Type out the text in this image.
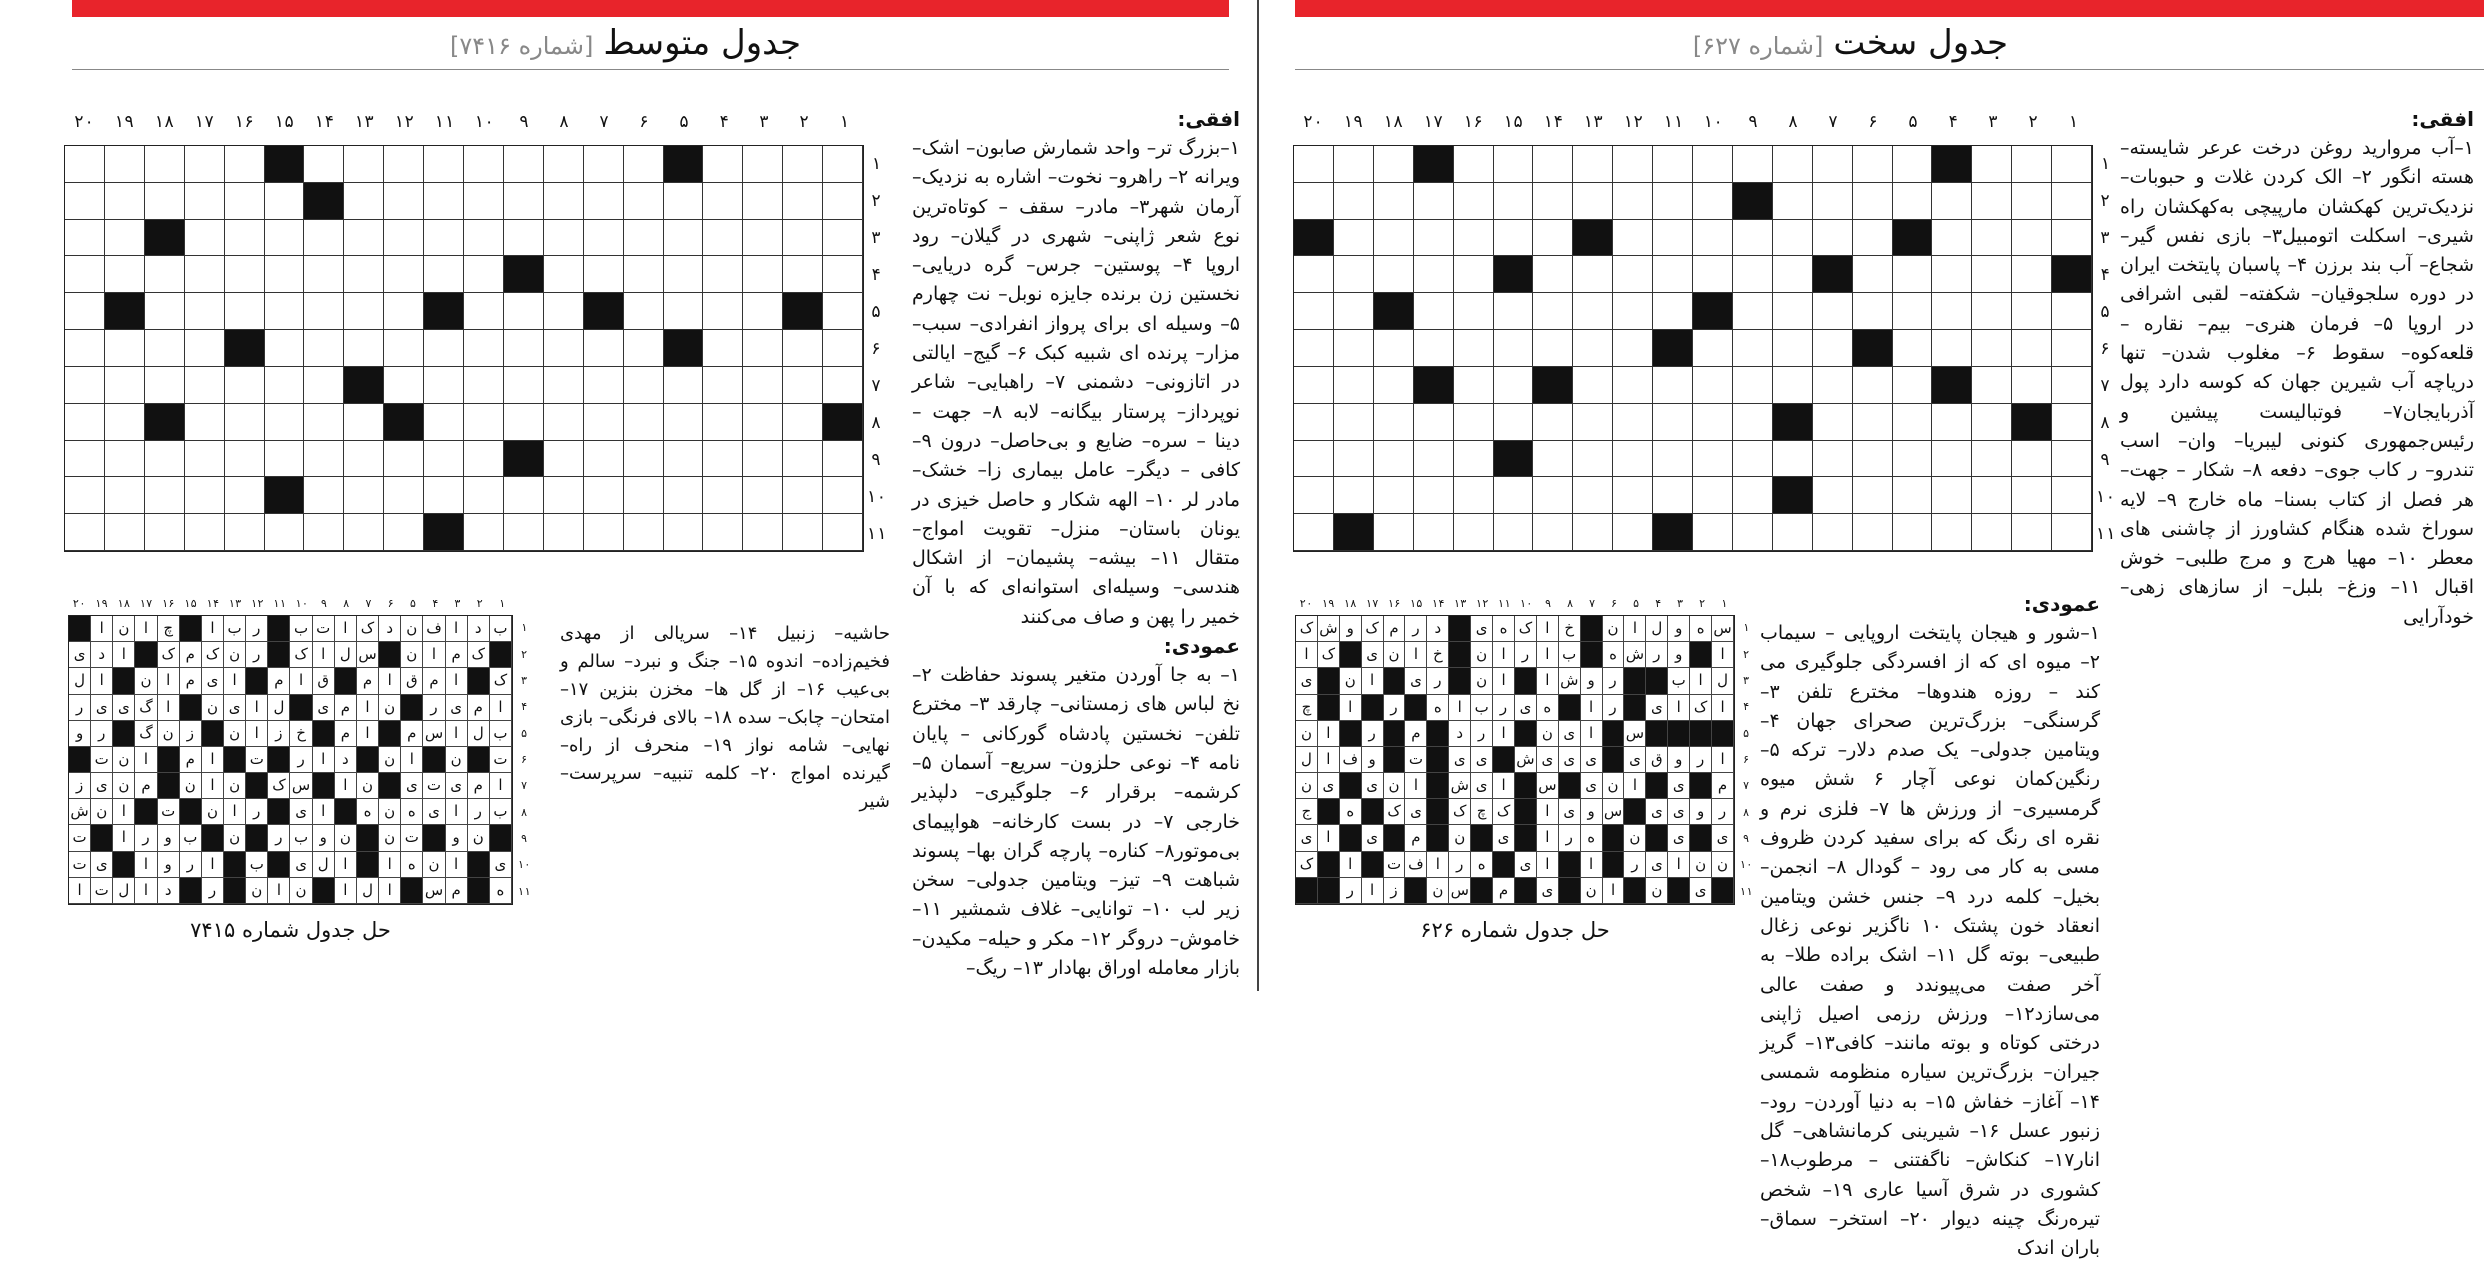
جدول سخت[شماره ۶۲۷]
جدول متوسط[شماره ۷۴۱۶]
۱
۲
۳
۴
۵
۶
۷
۸
۹
۱۰
۱۱
۱۲
۱۳
۱۴
۱۵
۱۶
۱۷
۱۸
۱۹
۲۰
۱
۲
۳
۴
۵
۶
۷
۸
۹
۱۰
۱۱
افقی:

۱–آب مروارید روغن درخت عرعر شایسته– هسته انگور ۲– الک کردن غلات و حبوبات– نزدیک‌ترین کهکشان مارپیچی به‌کهکشان راه شیری– اسکلت اتومبیل۳– بازی نفس گیر– شجاع– آب بند برزن ۴– پاسبان پایتخت ایران در دوره سلجوقیان– شکفته– لقبی اشرافی در اروپا ۵– فرمان هنری– بیم– نقاره – قلعه‌کوه– سقوط ۶– مغلوب شدن– تنها دریاچه آب شیرین جهان که کوسه دارد پول آذربایجان۷– فوتبالیست پیشین و رئیس‌جمهوری کنونی لیبریا– وان– اسب تندرو– ر کاب جوی– دفعه ۸– شکار – جهت– هر فصل از کتاب بسنا– ماه خارج ۹– لایه سوراخ شده هنگام کشاورز از چاشنی های معطر ۱۰– مهیا هرج و مرج طلبی– خوش اقبال ۱۱– وزغ– بلبل– از سازهای زهی– خودآرایی

عمودی:

۱–شور و هیجان پایتخت اروپایی – سیماب ۲– میوه ای که از افسردگی جلوگیری می کند – روزه هندوها– مخترع تلفن ۳–گرسنگی– بزرگ‌ترین صحرای جهان ۴– ویتامین جدولی– یک صدم دلار– ترکه ۵– رنگین‌کمان نوعی آچار ۶ شش میوه گرمسیری– از ورزش ها ۷– فلزی نرم و نقره ای رنگ که برای سفید کردن ظروف مسی به کار می رود – گودال ۸– انجمن– بخیل– کلمه درد ۹– جنس خشن ویتامین انعقاد خون پشتک ۱۰ ناگزیر نوعی زغال طبیعی– بوته گل ۱۱– اشک براده طلا– به آخر صفت می‌پیوندد و صفت عالی می‌سازد۱۲– ورزش رزمی اصیل ژاپنی درختی کوتاه و بوته مانند– کافی۱۳– گریز جیران– بزرگ‌ترین سیاره منظومه شمسی ۱۴– آغاز– خفاش ۱۵– به دنیا آوردن– رود– زنبور عسل ۱۶– شیرینی کرمانشاهی– گل انار۱۷– کنکاش– ناگفتنی – مرطوب۱۸– کشوری در شرق آسیا عاری ۱۹– شخص تیره‌رنگ چینه دیوار ۲۰– استخر– سماق– باران اندک

۱
۲
۳
۴
۵
۶
۷
۸
۹
۱۰
۱۱
۱۲
۱۳
۱۴
۱۵
۱۶
۱۷
۱۸
۱۹
۲۰
ک ش و ک م ر د	ی ه ک ا خ	ن ا ل و ه س
ا ک	ی ن ا خ	ن ا	ر	ا ب	ه ش ر و	ا
ی	ن ا	ی ر	ن ا	ا ش و ر	ب ا ل
چ	ا	ر	ه	ا ب ر ی ه	ا	ر	ی ا ک ا
ن ا	ر	م	د ر	ا	ن ی ا	س
ل ا ف و	ت	ی ی	ش ی ی ی	ی ق و ر	ا
ن ی	ی ن ا	ش ی ا	س	ی ن ا	ی	م
ج	ه	ک ی	ک چ ک	ا ی و س	ی ی و ر
ی ا	ی	م	ن	ی	ا	ر ه	ن	ی	ی
ک	ا	ت ف ا	ر ه	ی ا	ا	ر ی ا ن ن
ر	ا	ز	ن س	م	ی	ن ا	ن	ی
۱
۲
۳
۴
۵
۶
۷
۸
۹
۱۰
۱۱
حل جدول شماره ۶۲۶
۱
۲
۳
۴
۵
۶
۷
۸
۹
۱۰
۱۱
۱۲
۱۳
۱۴
۱۵
۱۶
۱۷
۱۸
۱۹
۲۰
۱
۲
۳
۴
۵
۶
۷
۸
۹
۱۰
۱۱
افقی:

۱–بزرگ تر– واحد شمارش صابون– اشک– ویرانه ۲– راهرو– نخوت– اشاره به نزدیک– آرمان شهر۳– مادر– سقف – کوتاه‌ترین نوع شعر ژاپنی– شهری در گیلان– رود اروپا ۴– پوستین– جرس– گره دریایی– نخستین زن برنده جایزه نوبل– نت چهارم ۵– وسیله ای برای پرواز انفرادی– سبب– مزار– پرنده ای شبیه کبک ۶– گیج– ایالتی در اتازونی– دشمنی ۷– راهبایی– شاعر نوپرداز– پرستار بیگانه– لابه ۸– جهت – دینا – سره– ضایع و بی‌حاصل– درون ۹– کافی – دیگر– عامل بیماری زا– خشک– مادر لر ۱۰– الهه شکار و حاصل خیزی در یونان باستان– منزل– تقویت امواج– متقال ۱۱– بیشه– پشیمان– از اشکال هندسی– وسیله‌ای استوانه‌ای که با آن خمیر را پهن و صاف می‌کنند

عمودی:

۱– به جا آوردن متغیر پسوند حفاظت ۲– نخ لباس های زمستانی– چارقد ۳– مخترع تلفن– نخستین پادشاه گورکانی – پایان نامه ۴– نوعی حلزون– سریع– آسمان ۵– کرشمه– برقرار ۶– جلوگیری– دلپذیر خارجی ۷– در بست کارخانه– هواپیمای بی‌موتور۸– کناره– پارچه گران بها– پسوند شباهت ۹– تیز– ویتامین جدولی– سخن زیر لب ۱۰– توانایی– غلاف شمشیر ۱۱– خاموش– دروگر ۱۲– مکر و حیله– مکیدن– بازار معامله اوراق بهادار ۱۳– ریگ–

۱
۲
۳
۴
۵
۶
۷
۸
۹
۱۰
۱۱
۱۲
۱۳
۱۴
۱۵
۱۶
۱۷
۱۸
۱۹
۲۰
ا ن ا	چ	ا ب ر	ب ت ا ک د ن ف ا	د ب
ی د	ا	ک م ک ن ر	ک ا ل س	ن ا	م ک
ل ا	ن ا	م ی ا	م	ا ق	م	ا ق م	ا	ک
ر ی ی گ ا	ن ی ا ل	ی م	ا ن	ر ی م	ا
و ر	گ ن ز	ن ا	ز خ	م	ا	م س ا ل ب
ت ن ا	م	ا	ت	ر	ا	د	ن ا	ن	ت
ز ی ن م	ن ا ن	ک س	ا ن	ی ت ی م	ا
ش ن ا	ت	ن ا	ر	ی ا	ه ن ه ی ا	ر ب
ت	ا	ر و ب	ن	ر ب و ن	ن ت	و ن
ت ی	ا	و ر	ا	ب	ی ل ا	ا	ه ن ا	ی
ا ت ل ا	د	ر	ن ا ن	ا ل ا	س م	ه
۱
۲
۳
۴
۵
۶
۷
۸
۹
۱۰
۱۱
حل جدول شماره ۷۴۱۵

حاشیه– زنبیل ۱۴– سریالی از مهدی فخیم‌زاده– اندوه ۱۵– جنگ و نبرد– سالم و بی‌عیب ۱۶– از گل ها– مخزن بنزین ۱۷– امتحان– چابک– سده ۱۸– بالای فرنگی– بازی نهایی– شامه نواز ۱۹– منحرف از راه– گیرنده امواج ۲۰– کلمه تنبیه– سرپرست– شیر
